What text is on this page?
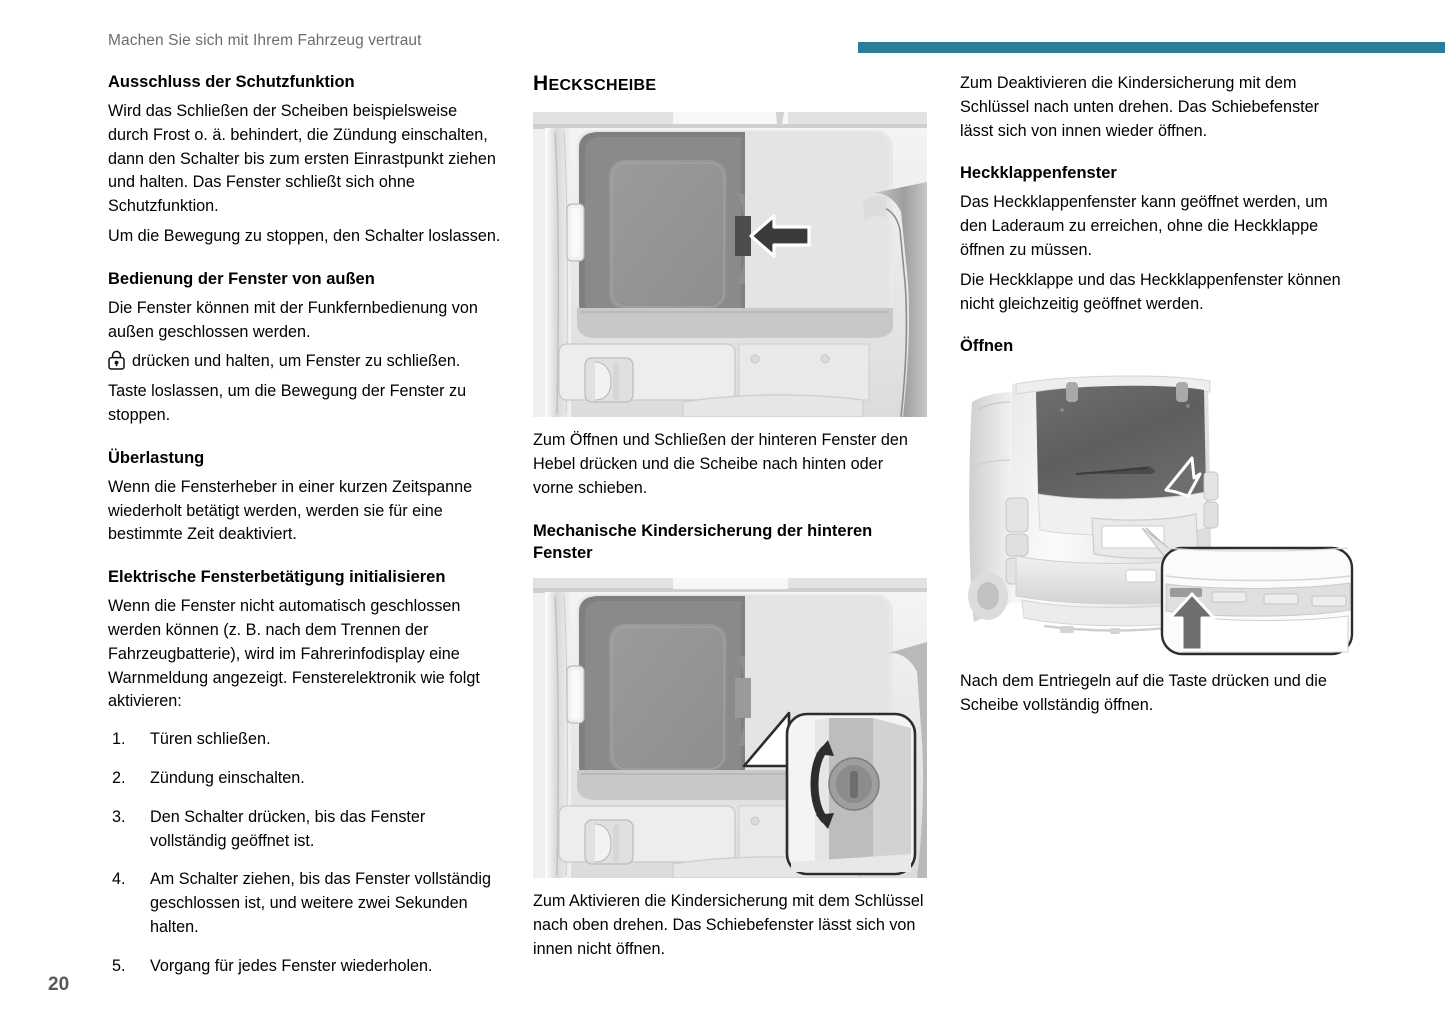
Machen Sie sich mit Ihrem Fahrzeug vertraut
Ausschluss der Schutzfunktion

Wird das Schließen der Scheiben beispielsweise durch Frost o. ä. behindert, die Zündung einschalten, dann den Schalter bis zum ersten Einrastpunkt ziehen und halten. Das Fenster schließt sich ohne Schutzfunktion.

Um die Bewegung zu stoppen, den Schalter loslassen.

Bedienung der Fenster von außen

Die Fenster können mit der Funkfernbedienung von außen geschlossen werden.

drücken und halten, um Fenster zu schließen.

Taste loslassen, um die Bewegung der Fenster zu stoppen.

Überlastung

Wenn die Fensterheber in einer kurzen Zeitspanne wiederholt betätigt werden, werden sie für eine bestimmte Zeit deaktiviert.

Elektrische Fensterbetätigung initialisieren

Wenn die Fenster nicht automatisch geschlossen werden können (z. B. nach dem Trennen der Fahrzeugbatterie), wird im Fahrerinfodisplay eine Warnmeldung angezeigt. Fensterelektronik wie folgt aktivieren:

1.	Türen schließen.
2.	Zündung einschalten.
3.	Den Schalter drücken, bis das Fenster vollständig geöffnet ist.
4.	Am Schalter ziehen, bis das Fenster vollständig geschlossen ist, und weitere zwei Sekunden halten.
5.	Vorgang für jedes Fenster wiederholen.
HECKSCHEIBE

Zum Öffnen und Schließen der hinteren Fenster den Hebel drücken und die Scheibe nach hinten oder vorne schieben.

Mechanische Kindersicherung der hinteren Fenster

Zum Aktivieren die Kindersicherung mit dem Schlüssel nach oben drehen. Das Schiebefenster lässt sich von innen nicht öffnen.

Zum Deaktivieren die Kindersicherung mit dem Schlüssel nach unten drehen. Das Schiebefenster lässt sich von innen wieder öffnen.

Heckklappenfenster

Das Heckklappenfenster kann geöffnet werden, um den Laderaum zu erreichen, ohne die Heckklappe öffnen zu müssen.

Die Heckklappe und das Heckklappenfenster können nicht gleichzeitig geöffnet werden.

Öffnen

Nach dem Entriegeln auf die Taste drücken und die Scheibe vollständig öffnen.

20
